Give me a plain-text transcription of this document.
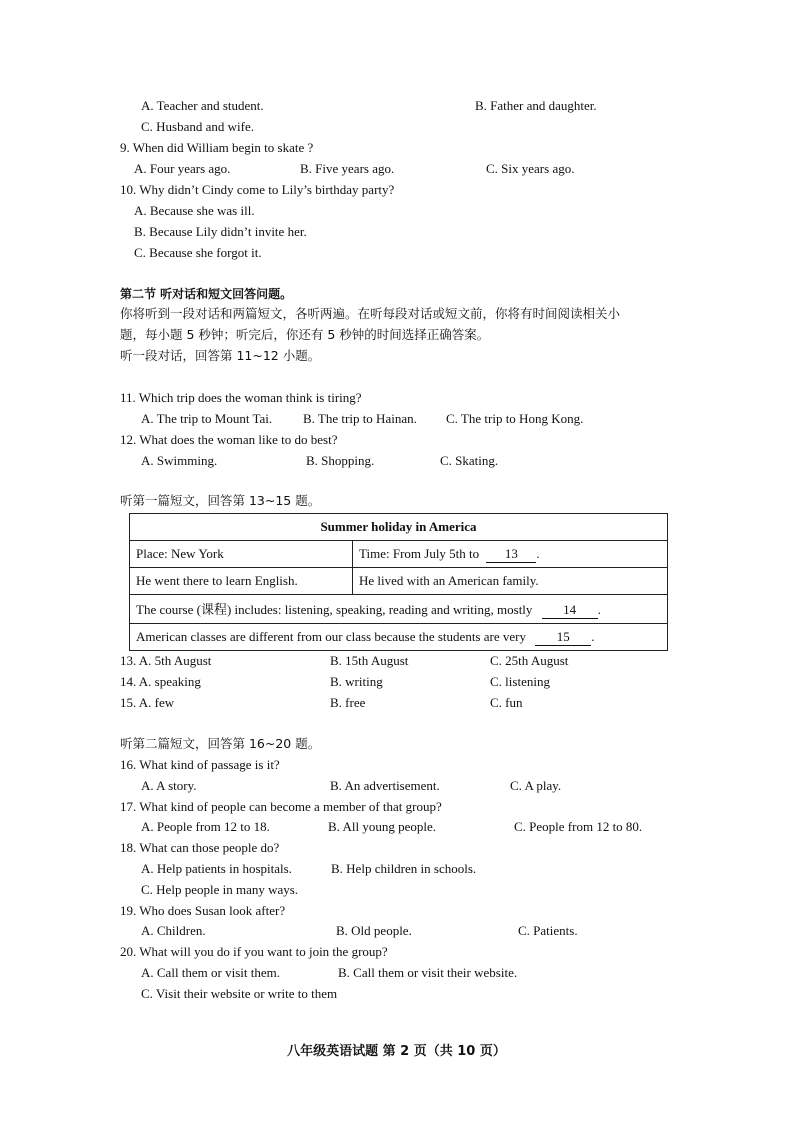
A. Teacher and student.	B. Father and daughter.
C. Husband and wife.
9. When did William begin to skate ?
A. Four years ago.	B. Five years ago.	C. Six years ago.
10. Why didn’t Cindy come to Lily’s birthday party?
A. Because she was ill.
B. Because Lily didn’t invite her.
C. Because she forgot it.
第二节 听对话和短文回答问题。
你将听到一段对话和两篇短文，各听两遍。在听每段对话或短文前，你将有时间阅读相关小
题，每小题 5 秒钟；听完后，你还有 5 秒钟的时间选择正确答案。
听一段对话，回答第 11~12 小题。
11. Which trip does the woman think is tiring?
A. The trip to Mount Tai. B. The trip to Hainan. C. The trip to Hong Kong.
12. What does the woman like to do best?
A. Swimming.	B. Shopping.	C. Skating.
听第一篇短文，回答第 13~15 题。
Summer holiday in America	
Place: New York	Time: From July 5th to 13 .
He went there to learn English.	He lived with an American family.
The course (课程) includes: listening, speaking, reading and writing, mostly 14 .	
American classes are different from our class because the students are very 15 .	
13. A. 5th August	B. 15th August	C. 25th August
14. A. speaking	B. writing	C. listening
15. A. few	B. free	C. fun
听第二篇短文，回答第 16~20 题。
16. What kind of passage is it?
A. A story.	B. An advertisement.	C. A play.
17. What kind of people can become a member of that group?
A. People from 12 to 18.	B. All young people.	C. People from 12 to 80.
18. What can those people do?
A. Help patients in hospitals.	B. Help children in schools.
C. Help people in many ways.
19. Who does Susan look after?
A. Children.	B. Old people.	C. Patients.
20. What will you do if you want to join the group?
A. Call them or visit them.	B. Call them or visit their website.
C. Visit their website or write to them
八年级英语试题 第 2 页（共 10 页）
